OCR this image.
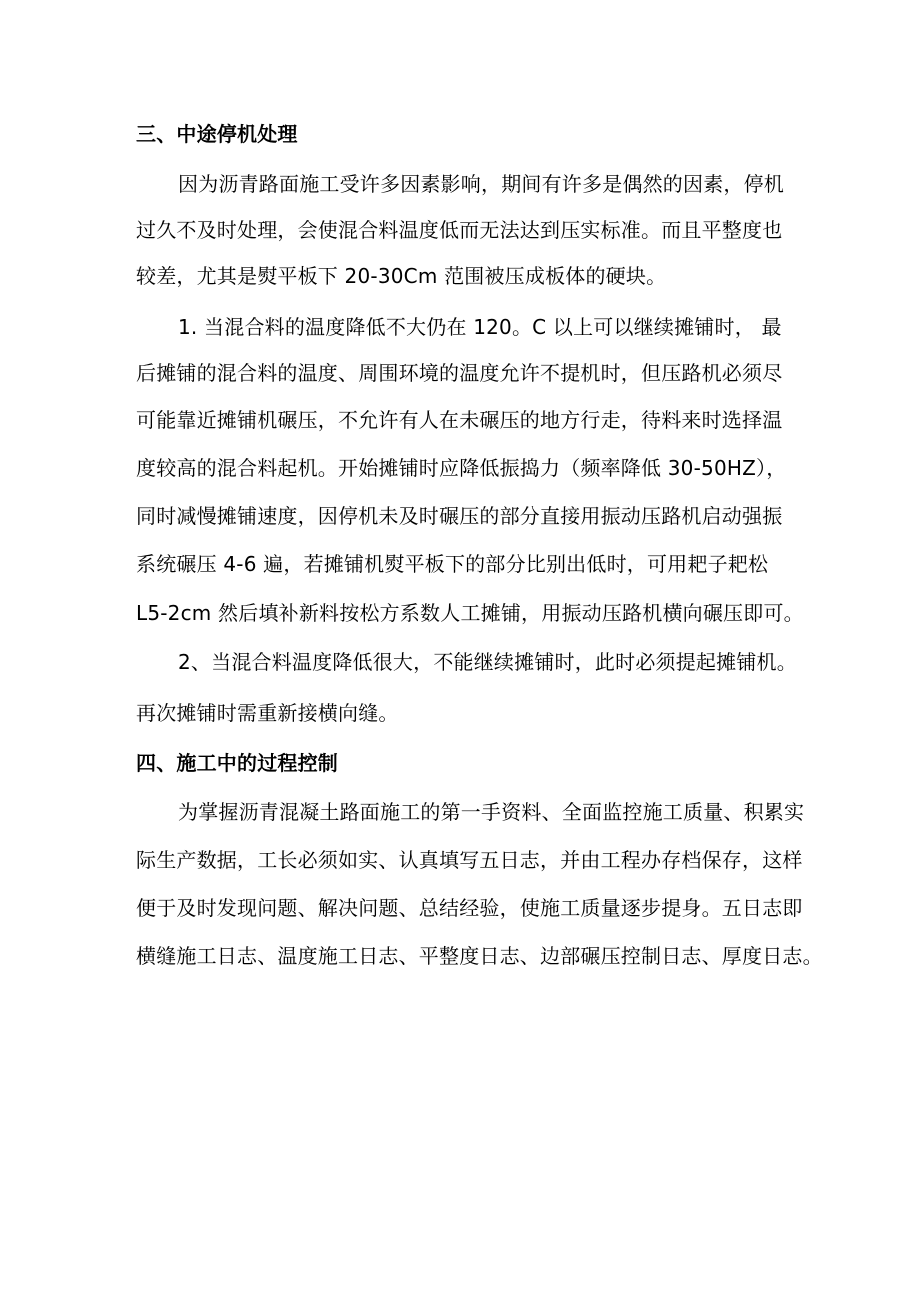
三、中途停机处理
因为沥青路面施工受许多因素影响，期间有许多是偶然的因素，停机
过久不及时处理，会使混合料温度低而无法达到压实标准。而且平整度也
较差，尤其是熨平板下 20-30Cm 范围被压成板体的硬块。
1. 当混合料的温度降低不大仍在 120。C 以上可以继续摊铺时， 最
后摊铺的混合料的温度、周围环境的温度允许不提机时，但压路机必须尽
可能靠近摊铺机碾压，不允许有人在未碾压的地方行走，待料来时选择温
度较高的混合料起机。开始摊铺时应降低振捣力（频率降低 30-50HZ），
同时减慢摊铺速度，因停机未及时碾压的部分直接用振动压路机启动强振
系统碾压 4-6 遍，若摊铺机熨平板下的部分比别出低时，可用耙子耙松
L5-2cm 然后填补新料按松方系数人工摊铺，用振动压路机横向碾压即可。
2、当混合料温度降低很大，不能继续摊铺时，此时必须提起摊铺机。
再次摊铺时需重新接横向缝。
四、施工中的过程控制
为掌握沥青混凝土路面施工的第一手资料、全面监控施工质量、积累实
际生产数据，工长必须如实、认真填写五日志，并由工程办存档保存，这样
便于及时发现问题、解决问题、总结经验，使施工质量逐步提身。五日志即
横缝施工日志、温度施工日志、平整度日志、边部碾压控制日志、厚度日志。
